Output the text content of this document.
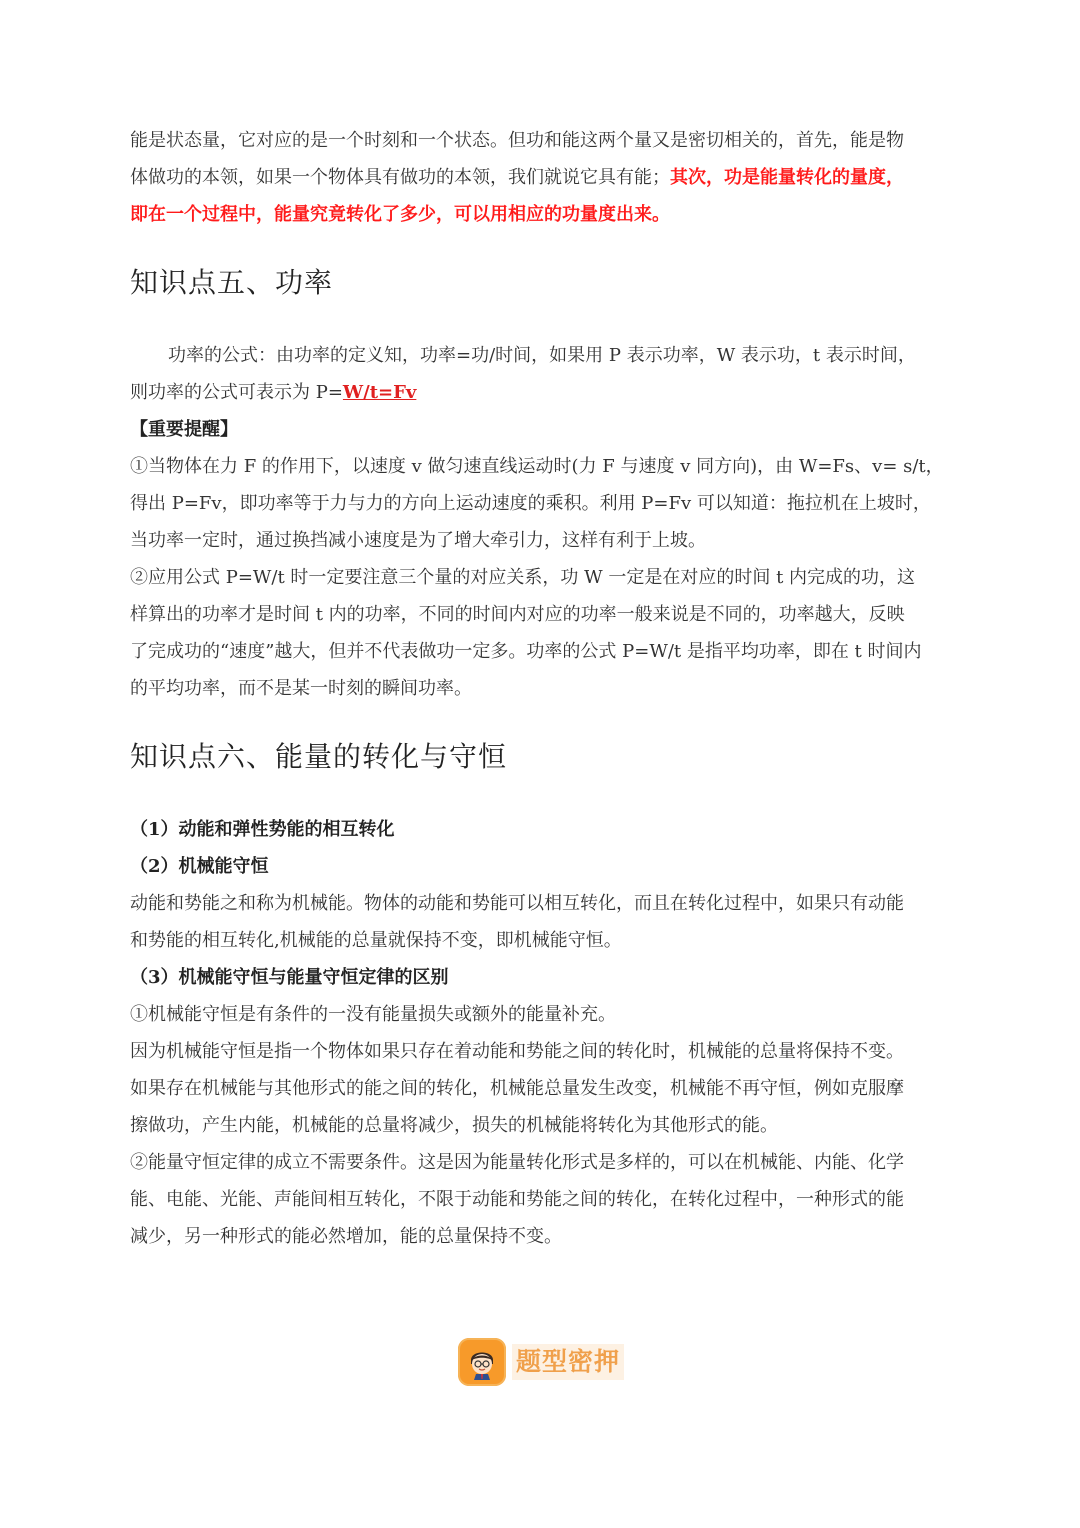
能是状态量，它对应的是一个时刻和一个状态。但功和能这两个量又是密切相关的，首先，能是物
体做功的本领，如果一个物体具有做功的本领，我们就说它具有能；其次，功是能量转化的量度，
即在一个过程中，能量究竟转化了多少，可以用相应的功量度出来。
知识点五、功率
功率的公式：由功率的定义知，功率=功/时间，如果用 P 表示功率，W 表示功，t 表示时间，
则功率的公式可表示为 P=W/t=Fv
【重要提醒】
①当物体在力 F 的作用下，以速度 v 做匀速直线运动时(力 F 与速度 v 同方向)，由 W=Fs、v= s/t，
得出 P=Fv，即功率等于力与力的方向上运动速度的乘积。利用 P=Fv 可以知道：拖拉机在上坡时，
当功率一定时，通过换挡减小速度是为了增大牵引力，这样有利于上坡。
②应用公式 P=W/t 时一定要注意三个量的对应关系，功 W 一定是在对应的时间 t 内完成的功，这
样算出的功率才是时间 t 内的功率，不同的时间内对应的功率一般来说是不同的，功率越大，反映
了完成功的“速度”越大，但并不代表做功一定多。功率的公式 P=W/t 是指平均功率，即在 t 时间内
的平均功率，而不是某一时刻的瞬间功率。
知识点六、能量的转化与守恒
（1）动能和弹性势能的相互转化
（2）机械能守恒
动能和势能之和称为机械能。物体的动能和势能可以相互转化，而且在转化过程中，如果只有动能
和势能的相互转化,机械能的总量就保持不变，即机械能守恒。
（3）机械能守恒与能量守恒定律的区别
①机械能守恒是有条件的一没有能量损失或额外的能量补充。
因为机械能守恒是指一个物体如果只存在着动能和势能之间的转化时，机械能的总量将保持不变。
如果存在机械能与其他形式的能之间的转化，机械能总量发生改变，机械能不再守恒，例如克服摩
擦做功，产生内能，机械能的总量将减少，损失的机械能将转化为其他形式的能。
②能量守恒定律的成立不需要条件。这是因为能量转化形式是多样的，可以在机械能、内能、化学
能、电能、光能、声能间相互转化，不限于动能和势能之间的转化，在转化过程中，一种形式的能
减少，另一种形式的能必然增加，能的总量保持不变。
题型密押
